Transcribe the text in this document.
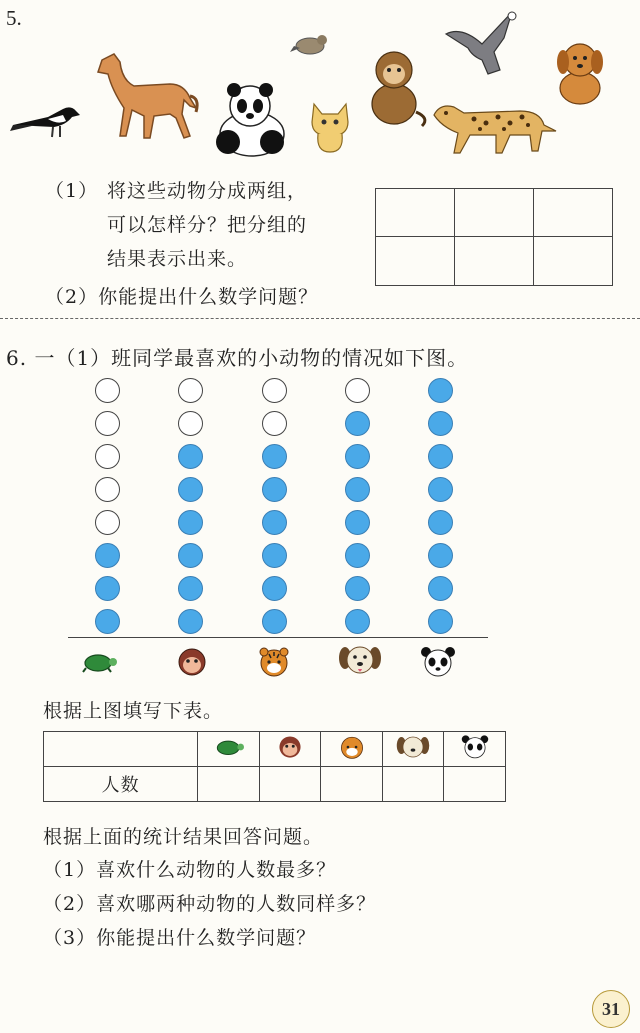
5.
（1） 将这些动物分成两组，
可以怎样分？把分组的
结果表示出来。
（2）你能提出什么数学问题？
6. 一（1）班同学最喜欢的小动物的情况如下图。
根据上图填写下表。

人数					
根据上面的统计结果回答问题。
（1）喜欢什么动物的人数最多？
（2）喜欢哪两种动物的人数同样多？
（3）你能提出什么数学问题？
31
